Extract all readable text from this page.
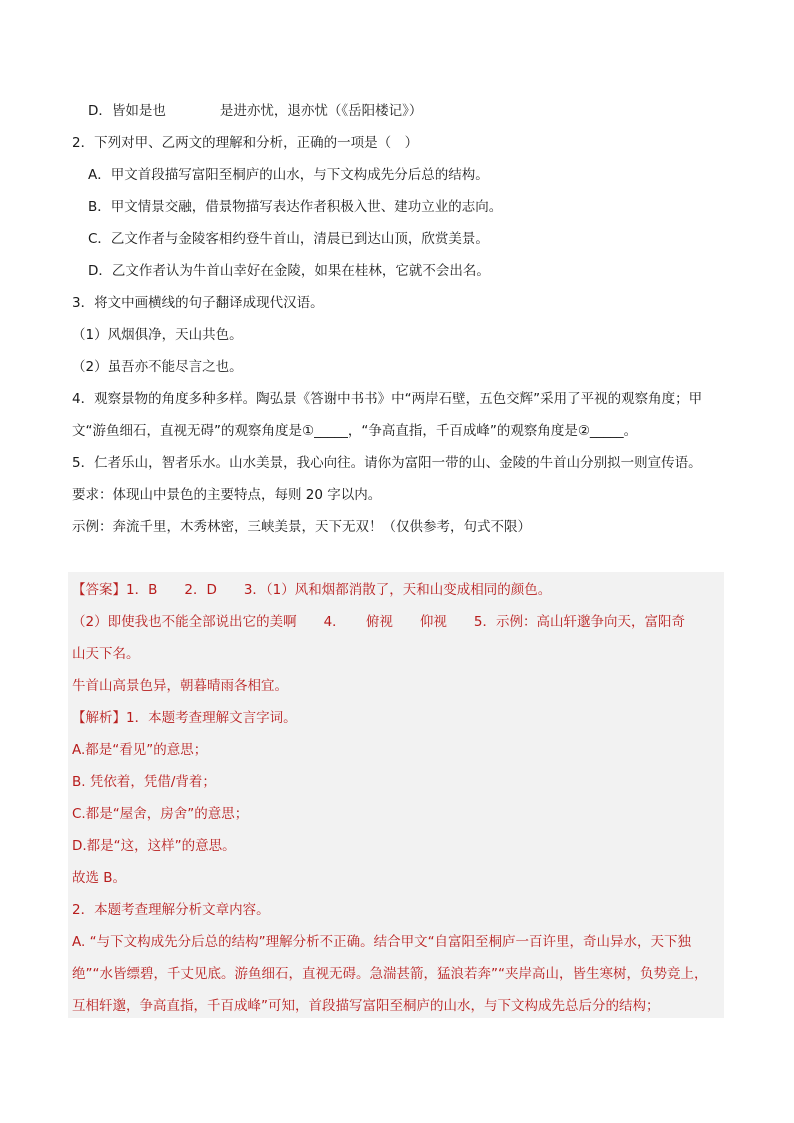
D．皆如是也　　　　是进亦忧，退亦忧（《岳阳楼记》）
2．下列对甲、乙两文的理解和分析，正确的一项是（　）
A．甲文首段描写富阳至桐庐的山水，与下文构成先分后总的结构。
B．甲文情景交融，借景物描写表达作者积极入世、建功立业的志向。
C．乙文作者与金陵客相约登牛首山，清晨已到达山顶，欣赏美景。
D．乙文作者认为牛首山幸好在金陵，如果在桂林，它就不会出名。
3．将文中画横线的句子翻译成现代汉语。
（1）风烟俱净，天山共色。
（2）虽吾亦不能尽言之也。
4．观察景物的角度多种多样。陶弘景《答谢中书书》中“两岸石壁，五色交辉”采用了平视的观察角度；甲
文“游鱼细石，直视无碍”的观察角度是①_____，“争高直指，千百成峰”的观察角度是②_____。
5．仁者乐山，智者乐水。山水美景，我心向往。请你为富阳一带的山、金陵的牛首山分别拟一则宣传语。
要求：体现山中景色的主要特点，每则 20 字以内。
示例：奔流千里，木秀林密，三峡美景，天下无双！（仅供参考，句式不限）
【答案】1．B　　2．D　　3．（1）风和烟都消散了，天和山变成相同的颜色。
（2）即使我也不能全部说出它的美啊　　4．　　俯视　　仰视　　5．示例：高山轩邈争向天，富阳奇
山天下名。
牛首山高景色异，朝暮晴雨各相宜。
【解析】1．本题考查理解文言字词。
A.都是“看见”的意思；
B. 凭依着，凭借/背着；
C.都是“屋舍，房舍”的意思；
D.都是“这，这样”的意思。
故选 B。
2．本题考查理解分析文章内容。
A. “与下文构成先分后总的结构”理解分析不正确。结合甲文“自富阳至桐庐一百许里，奇山异水，天下独
绝”“水皆缥碧，千丈见底。游鱼细石，直视无碍。急湍甚箭，猛浪若奔”“夹岸高山，皆生寒树，负势竞上，
互相轩邈，争高直指，千百成峰”可知，首段描写富阳至桐庐的山水，与下文构成先总后分的结构；
